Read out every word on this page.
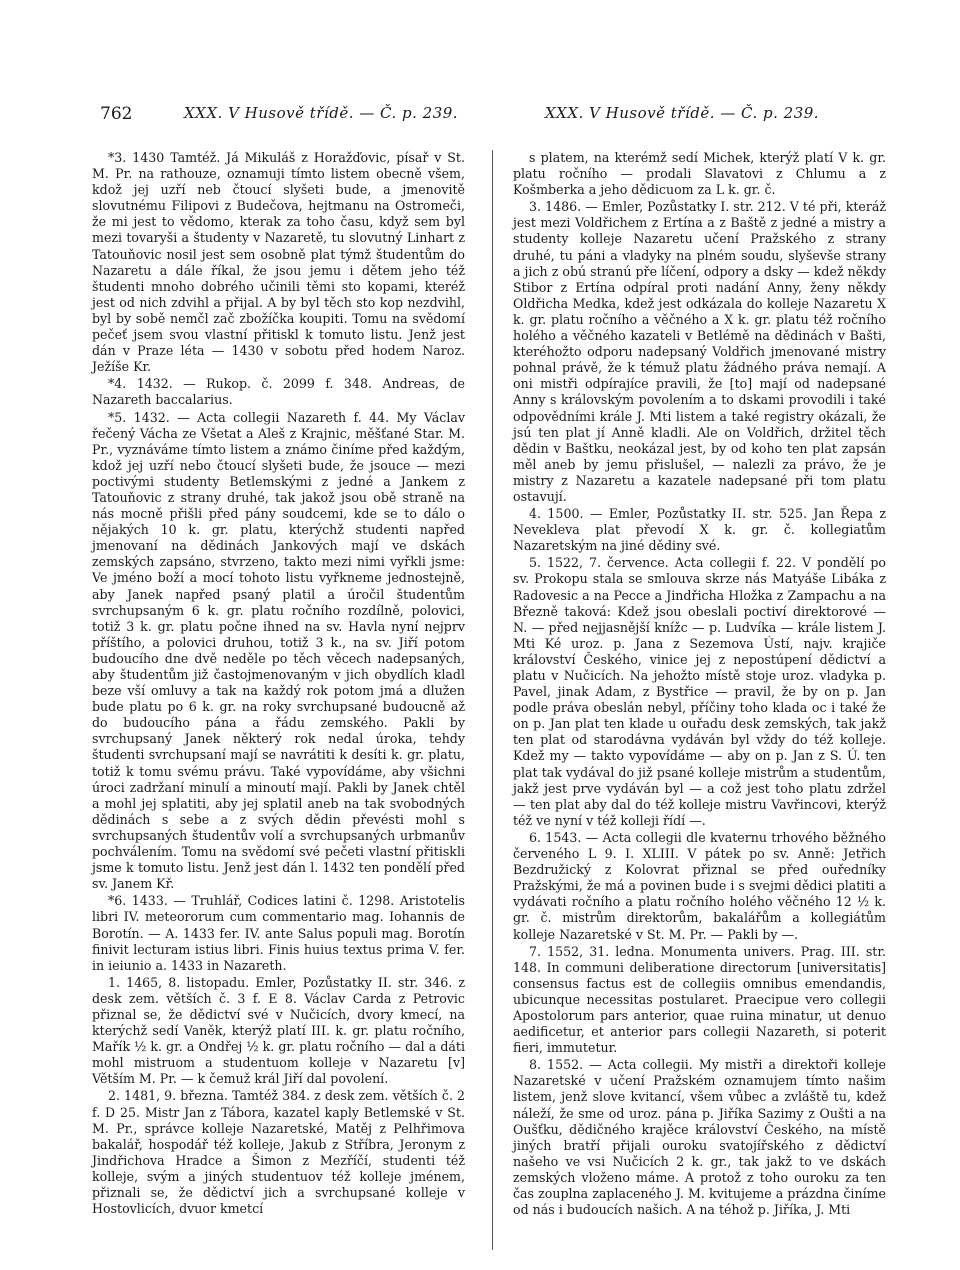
762	XXX. V Husově třídě. — Č. p. 239.	XXX. V Husově třídě. — Č. p. 239.

*3. 1430 Tamtéž. Já Mikuláš z Horažďovic, písař v St. M. Pr. na rathouze, oznamuji tímto listem obecně všem, kdož jej uzří neb čtoucí slyšeti bude, a jmenovitě slovutnému Filipovi z Budečova, hejtmanu na Ostromeči, že mi jest to vědomo, kterak za toho času, když sem byl mezi tovaryši a študenty v Nazaretě, tu slovutný Linhart z Tatouňovic nosil jest sem osobně plat týmž študentům do Nazaretu a dále říkal, že jsou jemu i dětem jeho též študenti mnoho dobrého učinili těmi sto kopami, kteréž jest od nich zdvihl a přijal. A by byl těch sto kop nezdvihl, byl by sobě nemčl zač zbožíčka koupiti. Tomu na svědomí pečeť jsem svou vlastní přitiskl k tomuto listu. Jenž jest dán v Praze léta — 1430 v sobotu před hodem Naroz. Ježíše Kr.

*4. 1432. — Rukop. č. 2099 f. 348. Andreas, de Nazareth baccalarius.

*5. 1432. — Acta collegii Nazareth f. 44. My Václav řečený Vácha ze Všetat a Aleš z Krajnic, měšťané Star. M. Pr., vyznáváme tímto listem a známo činíme před každým, kdož jej uzří nebo čtoucí slyšeti bude, že jsouce — mezi poctivými studenty Betlemskými z jedné a Jankem z Tatouňovic z strany druhé, tak jakož jsou obě straně na nás mocně přišli před pány soudcemi, kde se to dálo o nějakých 10 k. gr. platu, kterýchž studenti napřed jmenovaní na dědinách Jankových mají ve dskách zemských zapsáno, stvrzeno, takto mezi nimi vyřkli jsme: Ve jméno boží a mocí tohoto listu vyřkneme jednostejně, aby Janek napřed psaný platil a úročil študentům svrchupsaným 6 k. gr. platu ročního rozdílně, polovici, totiž 3 k. gr. platu počne ihned na sv. Havla nyní nejprv příštího, a polovici druhou, totiž 3 k., na sv. Jiří potom budoucího dne dvě neděle po těch věcech nadepsaných, aby študentům již častojmenovaným v jich obydlích kladl beze vší omluvy a tak na každý rok potom jmá a dlužen bude platu po 6 k. gr. na roky svrchupsané budoucně až do budoucího pána a řádu zemského. Pakli by svrchupsaný Janek některý rok nedal úroka, tehdy študenti svrchupsaní mají se navrátiti k desíti k. gr. platu, totiž k tomu svému právu. Také vypovídáme, aby všichni úroci zadržaní minulí a minoutí mají. Pakli by Janek chtěl a mohl jej splatiti, aby jej splatil aneb na tak svobodných dědinách s sebe a z svých dědin převésti mohl s svrchupsaných študentův volí a svrchupsaných urbmanův pochválením. Tomu na svědomí své pečeti vlastní přitiskli jsme k tomuto listu. Jenž jest dán l. 1432 ten pondělí před sv. Janem Kř.

*6. 1433. — Truhlář, Codices latini č. 1298. Aristotelis libri IV. meteororum cum commentario mag. Iohannis de Borotín. — A. 1433 fer. IV. ante Salus populi mag. Borotín finivit lecturam istius libri. Finis huius textus prima V. fer. in ieiunio a. 1433 in Nazareth.

1. 1465, 8. listopadu. Emler, Pozůstatky II. str. 346. z desk zem. větších č. 3 f. E 8. Václav Carda z Petrovic přiznal se, že dědictví své v Nučicích, dvory kmecí, na kterýchž sedí Vaněk, kterýž platí III. k. gr. platu ročního, Mařík ½ k. gr. a Ondřej ½ k. gr. platu ročního — dal a dáti mohl mistruom a studentuom kolleje v Nazaretu [v] Větším M. Pr. — k čemuž král Jiří dal povolení.

2. 1481, 9. března. Tamtéž 384. z desk zem. větších č. 2 f. D 25. Mistr Jan z Tábora, kazatel kaply Betlemské v St. M. Pr., správce kolleje Nazaretské, Matěj z Pelhřimova bakalář, hospodář též kolleje, Jakub z Stříbra, Jeronym z Jindřichova Hradce a Šimon z Mezříčí, studenti též kolleje, svým a jiných studentuov též kolleje jménem, přiznali se, že dědictví jich a svrchupsané kolleje v Hostovlicích, dvuor kmetcí

s platem, na kterémž sedí Michek, kterýž platí V k. gr. platu ročního — prodali Slavatovi z Chlumu a z Košmberka a jeho dědicuom za L k. gr. č.

3. 1486. — Emler, Pozůstatky I. str. 212. V té při, kteráž jest mezi Voldřichem z Ertína a z Baště z jedné a mistry a studenty kolleje Nazaretu učení Pražského z strany druhé, tu páni a vladyky na plném soudu, slyševše strany a jich z obú stranú pře líčení, odpory a dsky — kdež někdy Stibor z Ertína odpíral proti nadání Anny, ženy někdy Oldřicha Medka, kdež jest odkázala do kolleje Nazaretu X k. gr. platu ročního a věčného a X k. gr. platu též ročního holého a věčného kazateli v Betlémě na dědinách v Bašti, kteréhožto odporu nadepsaný Voldřich jmenované mistry pohnal právě, že k témuž platu žádného práva nemají. A oni mistři odpírajíce pravili, že [to] mají od nadepsané Anny s královským povolením a to dskami provodili i také odpovědními krále J. Mti listem a také registry okázali, že jsú ten plat jí Anně kladli. Ale on Voldřich, držitel těch dědin v Baštku, neokázal jest, by od koho ten plat zapsán měl aneb by jemu přislušel, — nalezli za právo, že je mistry z Nazaretu a kazatele nadepsané při tom platu ostavují.

4. 1500. — Emler, Pozůstatky II. str. 525. Jan Řepa z Nevekleva plat převodí X k. gr. č. kollegiatům Nazaretským na jiné dědiny své.

5. 1522, 7. července. Acta collegii f. 22. V pondělí po sv. Prokopu stala se smlouva skrze nás Matyáše Libáka z Radovesic a na Pecce a Jindřicha Hložka z Zampachu a na Březně taková: Kdež jsou obeslali poctiví direktorové — N. — před nejjasnější knížc — p. Ludvíka — krále listem J. Mti Ké uroz. p. Jana z Sezemova Ústí, najv. krajiče království Českého, vinice jej z nepostúpení dědictví a platu v Nučicích. Na jehožto místě stoje uroz. vladyka p. Pavel, jinak Adam, z Bystřice — pravil, že by on p. Jan podle práva obeslán nebyl, příčiny toho klada oc i také že on p. Jan plat ten klade u ouřadu desk zemských, tak jakž ten plat od starodávna vydáván byl vždy do též kolleje. Kdež my — takto vypovídáme — aby on p. Jan z S. Ú. ten plat tak vydával do již psané kolleje mistrům a studentům, jakž jest prve vydáván byl — a což jest toho platu zdržel — ten plat aby dal do též kolleje mistru Vavřincovi, kterýž též ve nyní v též kolleji řídí —.

6. 1543. — Acta collegii dle kvaternu trhového běžného červeného L 9. I. XLIII. V pátek po sv. Anně: Jetřich Bezdružický z Kolovrat přiznal se před ouředníky Pražskými, že má a povinen bude i s svejmi dědici platiti a vydávati ročního a platu ročního holého věčného 12 ½ k. gr. č. mistrům direktorům, bakalářům a kollegiátům kolleje Nazaretské v St. M. Pr. — Pakli by —.

7. 1552, 31. ledna. Monumenta univers. Prag. III. str. 148. In communi deliberatione directorum [universitatis] consensus factus est de collegiis omnibus emendandis, ubicunque necessitas postularet. Praecipue vero collegii Apostolorum pars anterior, quae ruina minatur, ut denuo aedificetur, et anterior pars collegii Nazareth, si poterit fieri, immutetur.

8. 1552. — Acta collegii. My mistři a direktoři kolleje Nazaretské v učení Pražském oznamujem tímto našim listem, jenž slove kvitancí, všem vůbec a zvláště tu, kdež náleží, že sme od uroz. pána p. Jiříka Sazimy z Oušti a na Oušťku, dědičného krajěce království Českého, na místě jiných bratří přijali ouroku svatojířského z dědictví našeho ve vsi Nučicích 2 k. gr., tak jakž to ve dskách zemských vloženo máme. A protož z toho ouroku za ten čas zouplna zaplaceného J. M. kvitujeme a prázdna činíme od nás i budoucích našich. A na téhož p. Jiříka, J. Mti
